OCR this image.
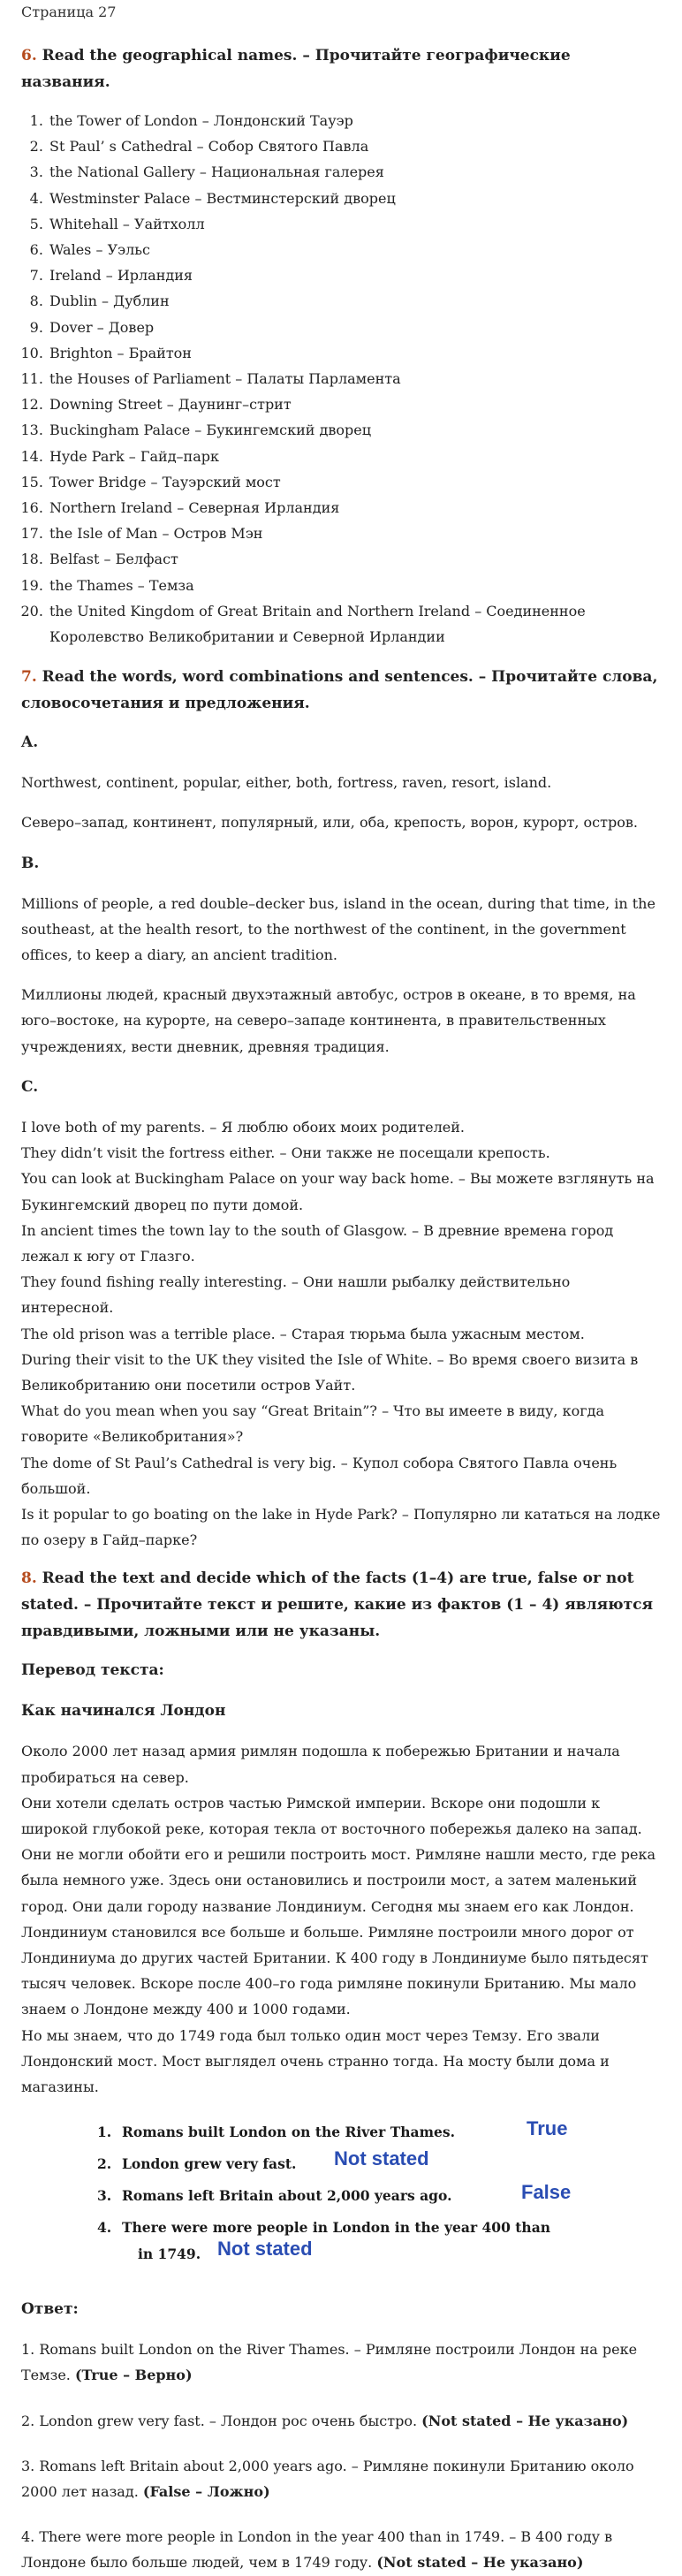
Страница 27
6. Read the geographical names. – Прочитайте географические названия.
1. the Tower of London – Лондонский Тауэр
2. St Paul’ s Cathedral – Собор Святого Павла
3. the National Gallery – Национальная галерея
4. Westminster Palace – Вестминстерский дворец
5. Whitehall – Уайтхолл
6. Wales – Уэльс
7. Ireland – Ирландия
8. Dublin – Дублин
9. Dover – Довер
10. Brighton – Брайтон
11. the Houses of Parliament – Палаты Парламента
12. Downing Street – Даунинг–стрит
13. Buckingham Palace – Букингемский дворец
14. Hyde Park – Гайд–парк
15. Tower Bridge – Тауэрский мост
16. Northern Ireland – Северная Ирландия
17. the Isle of Man – Остров Мэн
18. Belfast – Белфаст
19. the Thames – Темза
20. the United Kingdom of Great Britain and Northern Ireland – Соединенное Королевство Великобритании и Северной Ирландии
7. Read the words, word combinations and sentences. – Прочитайте слова, словосочетания и предложения.
A.

Northwest, continent, popular, either, both, fortress, raven, resort, island.

Северо–запад, континент, популярный, или, оба, крепость, ворон, курорт, остров.

B.

Millions of people, a red double–decker bus, island in the ocean, during that time, in the southeast, at the health resort, to the northwest of the continent, in the government offices, to keep a diary, an ancient tradition.

Миллионы людей, красный двухэтажный автобус, остров в океане, в то время, на юго–востоке, на курорте, на северо–западе континента, в правительственных учреждениях, вести дневник, древняя традиция.

C.
I love both of my parents. – Я люблю обоих моих родителей.
They didn’t visit the fortress either. – Они также не посещали крепость.
You can look at Buckingham Palace on your way back home. – Вы можете взглянуть на Букингемский дворец по пути домой.
In ancient times the town lay to the south of Glasgow. – В древние времена город лежал к югу от Глазго.
They found fishing really interesting. – Они нашли рыбалку действительно интересной.
The old prison was a terrible place. – Старая тюрьма была ужасным местом.
During their visit to the UK they visited the Isle of White. – Во время своего визита в Великобританию они посетили остров Уайт.
What do you mean when you say “Great Britain”? – Что вы имеете в виду, когда говорите «Великобритания»?
The dome of St Paul’s Cathedral is very big. – Купол собора Святого Павла очень большой.
Is it popular to go boating on the lake in Hyde Park? – Популярно ли кататься на лодке по озеру в Гайд–парке?
8. Read the text and decide which of the facts (1–4) are true, false or not stated. – Прочитайте текст и решите, какие из фактов (1 – 4) являются правдивыми, ложными или не указаны.
Перевод текста:
Как начинался Лондон
Около 2000 лет назад армия римлян подошла к побережью Британии и начала пробираться на север.
Они хотели сделать остров частью Римской империи. Вскоре они подошли к широкой глубокой реке, которая текла от восточного побережья далеко на запад. Они не могли обойти его и решили построить мост. Римляне нашли место, где река была немного уже. Здесь они остановились и построили мост, а затем маленький город. Они дали городу название Лондиниум. Сегодня мы знаем его как Лондон. Лондиниум становился все больше и больше. Римляне построили много дорог от Лондиниума до других частей Британии. К 400 году в Лондиниуме было пятьдесят тысяч человек. Вскоре после 400–го года римляне покинули Британию. Мы мало знаем о Лондоне между 400 и 1000 годами.
Но мы знаем, что до 1749 года был только один мост через Темзу. Его звали Лондонский мост. Мост выглядел очень странно тогда. На мосту были дома и магазины.
1. Romans built London on the River Thames.	True
2. London grew very fast. Not stated
3. Romans left Britain about 2,000 years ago.	False
4. There were more people in London in the year 400 than
in 1749. Not stated
Ответ:
1. Romans built London on the River Thames. – Римляне построили Лондон на реке Темзе. (True – Верно)
2. London grew very fast. – Лондон рос очень быстро. (Not stated – Не указано)
3. Romans left Britain about 2,000 years ago. – Римляне покинули Британию около 2000 лет назад. (False – Ложно)
4. There were more people in London in the year 400 than in 1749. – В 400 году в Лондоне было больше людей, чем в 1749 году. (Not stated – Не указано)
